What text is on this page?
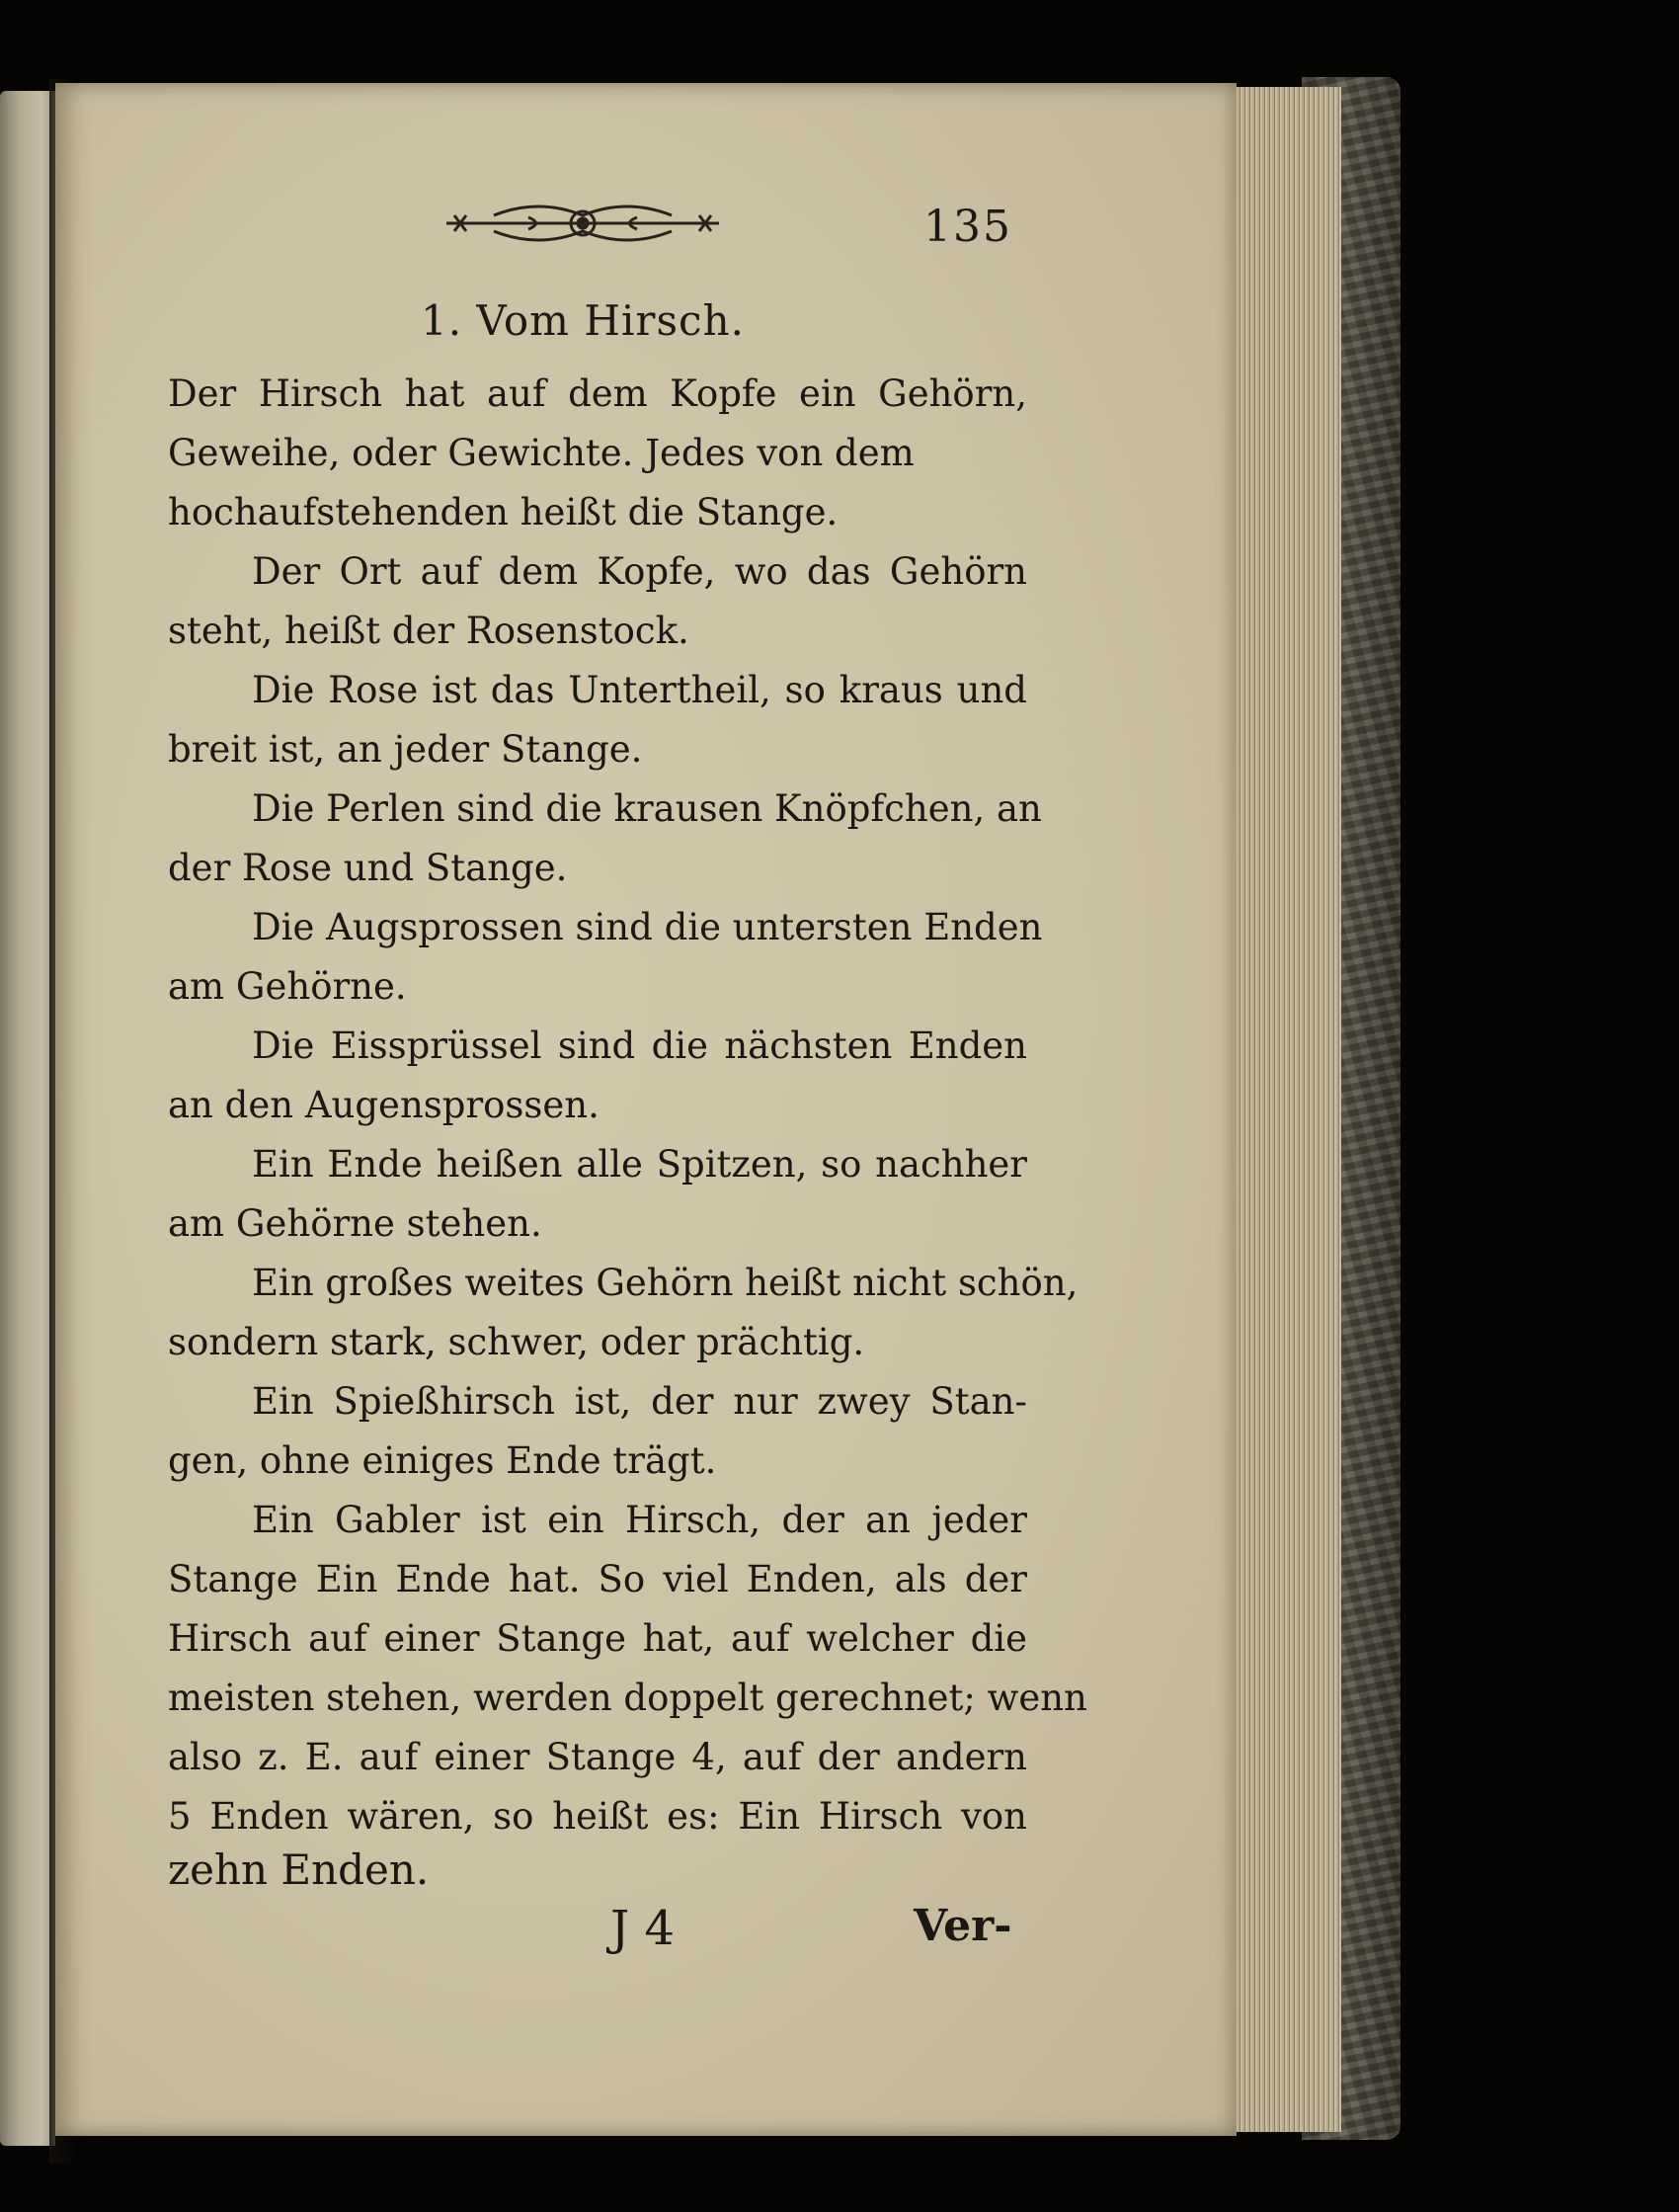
135
1. Vom Hirsch.
Der Hirsch hat auf dem Kopfe ein Gehörn,
Geweihe, oder Gewichte. Jedes von dem
hochaufstehenden heißt die Stange.
Der Ort auf dem Kopfe, wo das Gehörn
steht, heißt der Rosenstock.
Die Rose ist das Untertheil, so kraus und
breit ist, an jeder Stange.
Die Perlen sind die krausen Knöpfchen, an
der Rose und Stange.
Die Augsprossen sind die untersten Enden
am Gehörne.
Die Eissprüssel sind die nächsten Enden
an den Augensprossen.
Ein Ende heißen alle Spitzen, so nachher
am Gehörne stehen.
Ein großes weites Gehörn heißt nicht schön,
sondern stark, schwer, oder prächtig.
Ein Spießhirsch ist, der nur zwey Stan-
gen, ohne einiges Ende trägt.
Ein Gabler ist ein Hirsch, der an jeder
Stange Ein Ende hat. So viel Enden, als der
Hirsch auf einer Stange hat, auf welcher die
meisten stehen, werden doppelt gerechnet; wenn
also z. E. auf einer Stange 4, auf der andern
5 Enden wären, so heißt es: Ein Hirsch von
zehn Enden.
J 4	Ver-
